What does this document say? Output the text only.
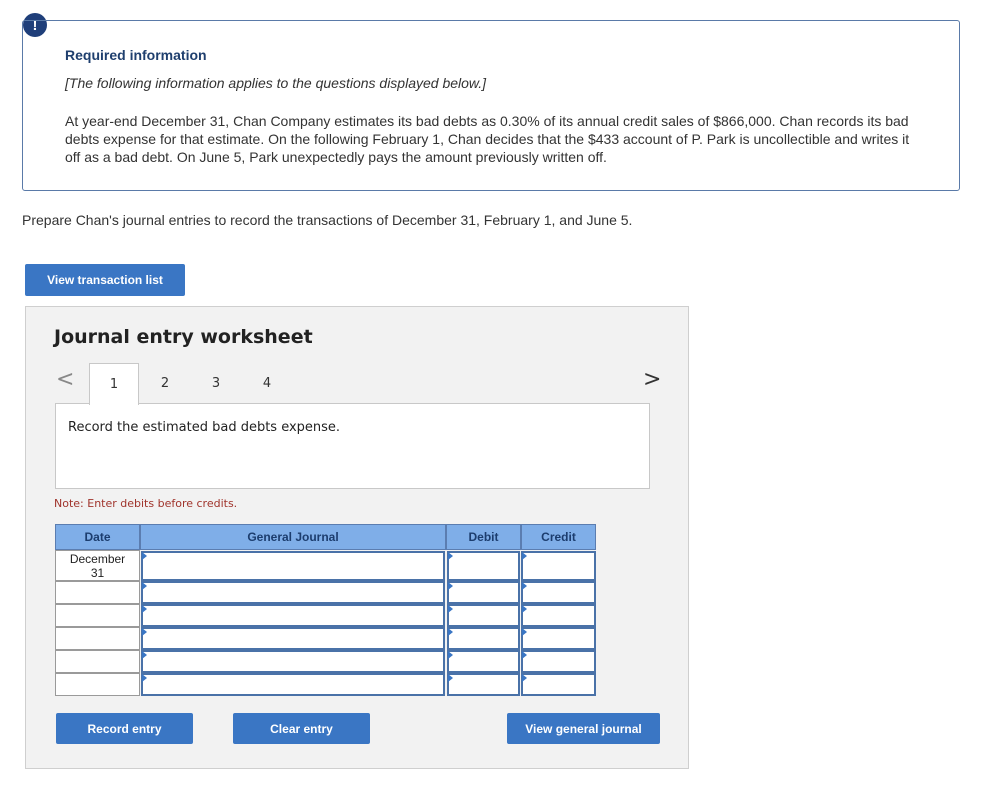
!
Required information
[The following information applies to the questions displayed below.]
At year-end December 31, Chan Company estimates its bad debts as 0.30% of its annual credit sales of $866,000. Chan records its bad debts expense for that estimate. On the following February 1, Chan decides that the $433 account of P. Park is uncollectible and writes it off as a bad debt. On June 5, Park unexpectedly pays the amount previously written off.
Prepare Chan's journal entries to record the transactions of December 31, February 1, and June 5.
View transaction list
Journal entry worksheet
<	1	2	3	4	>
Record the estimated bad debts expense.
Note: Enter debits before credits.
Date	General Journal	Debit	Credit
December
31
Record entry	Clear entry	View general journal
